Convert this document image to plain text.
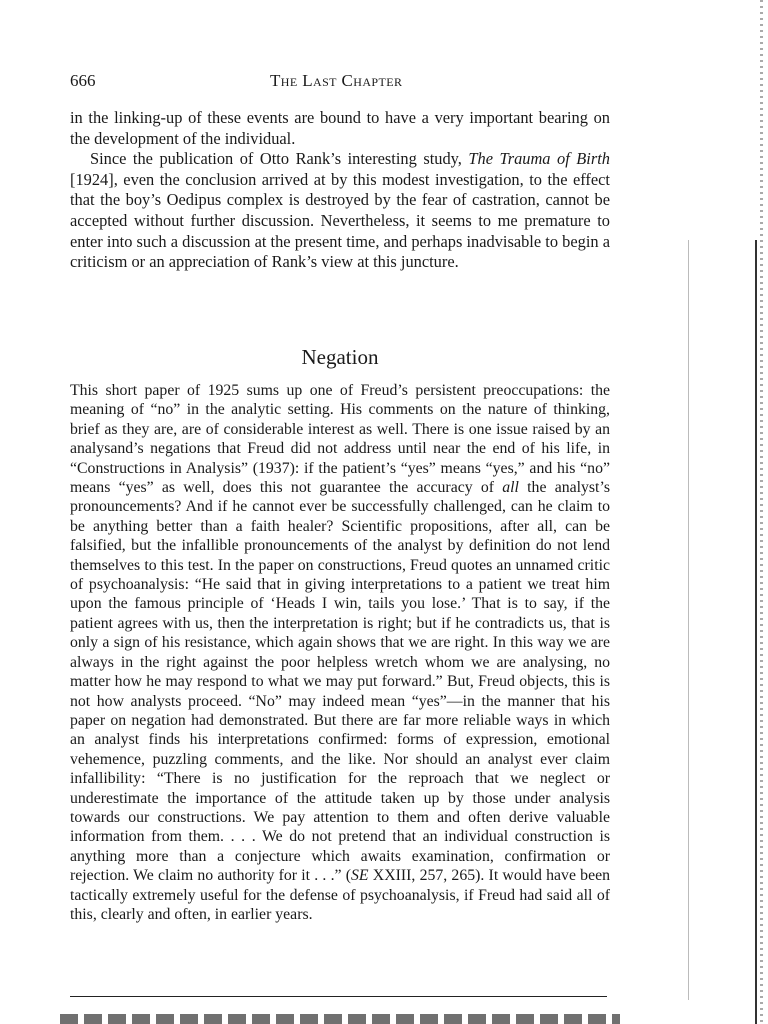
666	The Last Chapter

in the linking-up of these events are bound to have a very important bearing on the development of the individual.

Since the publication of Otto Rank’s interesting study, The Trauma of Birth [1924], even the conclusion arrived at by this modest investigation, to the effect that the boy’s Oedipus complex is destroyed by the fear of castration, cannot be accepted without further discussion. Nevertheless, it seems to me premature to enter into such a discussion at the present time, and perhaps inadvisable to begin a criticism or an appreciation of Rank’s view at this juncture.

Negation

This short paper of 1925 sums up one of Freud’s persistent preoccupations: the meaning of “no” in the analytic setting. His comments on the nature of thinking, brief as they are, are of considerable interest as well. There is one issue raised by an analysand’s negations that Freud did not address until near the end of his life, in “Constructions in Analysis” (1937): if the patient’s “yes” means “yes,” and his “no” means “yes” as well, does this not guarantee the accuracy of all the analyst’s pronouncements? And if he cannot ever be successfully challenged, can he claim to be anything better than a faith healer? Scientific propositions, after all, can be falsified, but the infallible pronouncements of the analyst by definition do not lend themselves to this test. In the paper on constructions, Freud quotes an unnamed critic of psychoanalysis: “He said that in giving interpretations to a patient we treat him upon the famous principle of ‘Heads I win, tails you lose.’ That is to say, if the patient agrees with us, then the interpretation is right; but if he contradicts us, that is only a sign of his resistance, which again shows that we are right. In this way we are always in the right against the poor helpless wretch whom we are analysing, no matter how he may respond to what we may put forward.” But, Freud objects, this is not how analysts proceed. “No” may indeed mean “yes”—in the manner that his paper on negation had demonstrated. But there are far more reliable ways in which an analyst finds his interpretations confirmed: forms of expression, emotional vehemence, puzzling comments, and the like. Nor should an analyst ever claim infallibility: “There is no justification for the reproach that we neglect or underestimate the importance of the attitude taken up by those under analysis towards our constructions. We pay attention to them and often derive valuable information from them. . . . We do not pretend that an individual construction is anything more than a conjecture which awaits examination, confirmation or rejection. We claim no authority for it . . .” (SE XXIII, 257, 265). It would have been tactically extremely useful for the defense of psychoanalysis, if Freud had said all of this, clearly and often, in earlier years.
